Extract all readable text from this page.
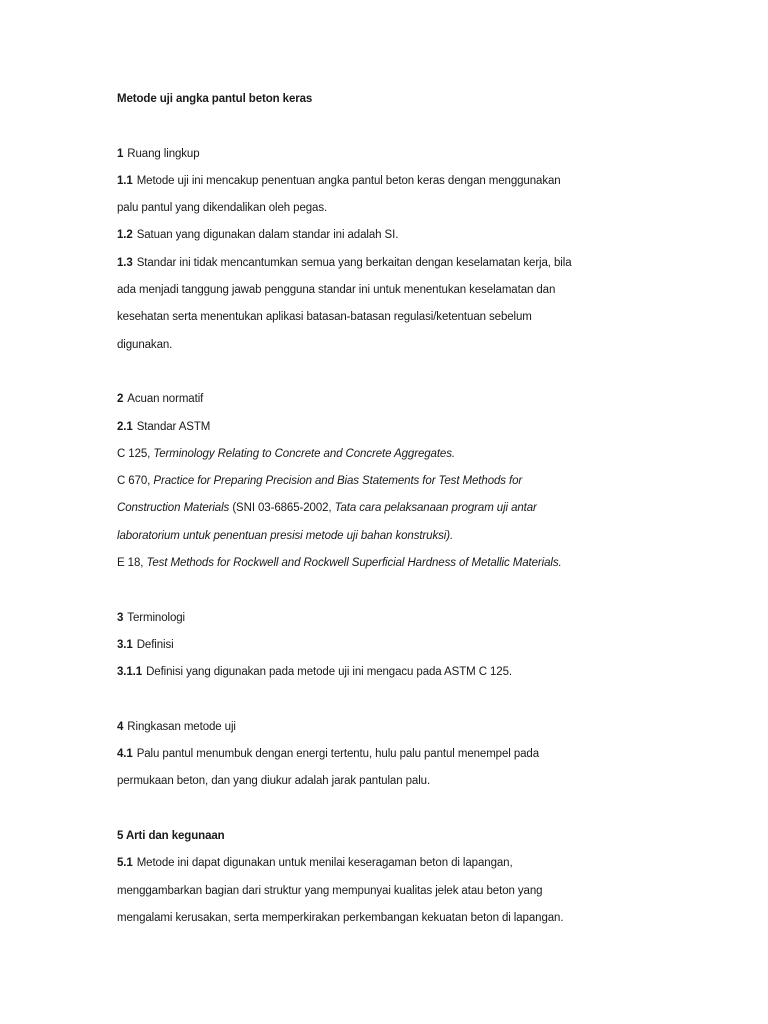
Metode uji angka pantul beton keras
1 Ruang lingkup
1.1 Metode uji ini mencakup penentuan angka pantul beton keras dengan menggunakan
palu pantul yang dikendalikan oleh pegas.
1.2 Satuan yang digunakan dalam standar ini adalah SI.
1.3 Standar ini tidak mencantumkan semua yang berkaitan dengan keselamatan kerja, bila
ada menjadi tanggung jawab pengguna standar ini untuk menentukan keselamatan dan
kesehatan serta menentukan aplikasi batasan-batasan regulasi/ketentuan sebelum
digunakan.
2 Acuan normatif
2.1 Standar ASTM
C 125, Terminology Relating to Concrete and Concrete Aggregates.
C 670, Practice for Preparing Precision and Bias Statements for Test Methods for
Construction Materials (SNI 03-6865-2002, Tata cara pelaksanaan program uji antar
laboratorium untuk penentuan presisi metode uji bahan konstruksi).
E 18, Test Methods for Rockwell and Rockwell Superficial Hardness of Metallic Materials.
3 Terminologi
3.1 Definisi
3.1.1 Definisi yang digunakan pada metode uji ini mengacu pada ASTM C 125.
4 Ringkasan metode uji
4.1 Palu pantul menumbuk dengan energi tertentu, hulu palu pantul menempel pada
permukaan beton, dan yang diukur adalah jarak pantulan palu.
5 Arti dan kegunaan
5.1 Metode ini dapat digunakan untuk menilai keseragaman beton di lapangan,
menggambarkan bagian dari struktur yang mempunyai kualitas jelek atau beton yang
mengalami kerusakan, serta memperkirakan perkembangan kekuatan beton di lapangan.
